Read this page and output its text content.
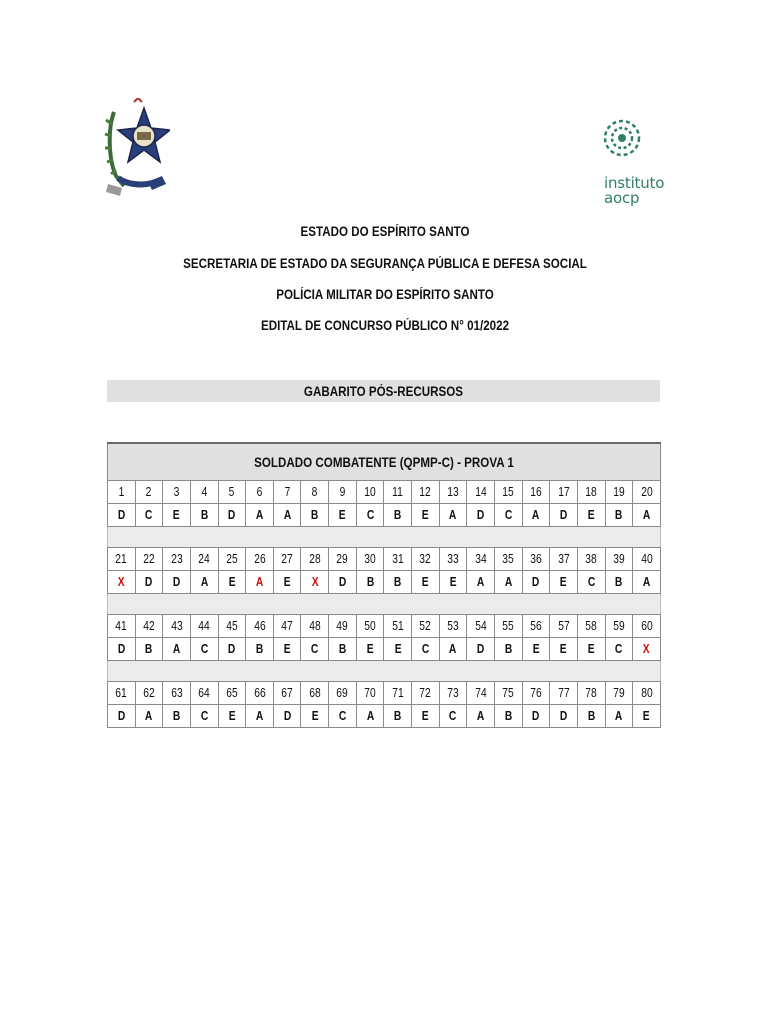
instituto
aocp
ESTADO DO ESPÍRITO SANTO
SECRETARIA DE ESTADO DA SEGURANÇA PÚBLICA E DEFESA SOCIAL
POLÍCIA MILITAR DO ESPÍRITO SANTO
EDITAL DE CONCURSO PÚBLICO N° 01/2022
GABARITO PÓS-RECURSOS
SOLDADO COMBATENTE (QPMP-C) - PROVA 1																			
1	2	3	4	5	6	7	8	9	10	11	12	13	14	15	16	17	18	19	20
D	C	E	B	D	A	A	B	E	C	B	E	A	D	C	A	D	E	B	A

21	22	23	24	25	26	27	28	29	30	31	32	33	34	35	36	37	38	39	40
X	D	D	A	E	A	E	X	D	B	B	E	E	A	A	D	E	C	B	A

41	42	43	44	45	46	47	48	49	50	51	52	53	54	55	56	57	58	59	60
D	B	A	C	D	B	E	C	B	E	E	C	A	D	B	E	E	E	C	X

61	62	63	64	65	66	67	68	69	70	71	72	73	74	75	76	77	78	79	80
D	A	B	C	E	A	D	E	C	A	B	E	C	A	B	D	D	B	A	E
